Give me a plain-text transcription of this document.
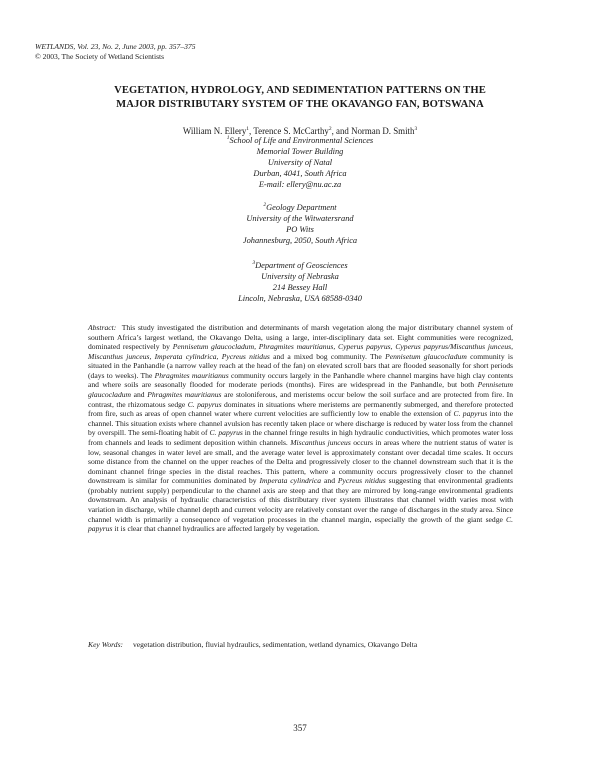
WETLANDS, Vol. 23, No. 2, June 2003, pp. 357–375
© 2003, The Society of Wetland Scientists
VEGETATION, HYDROLOGY, AND SEDIMENTATION PATTERNS ON THE
MAJOR DISTRIBUTARY SYSTEM OF THE OKAVANGO FAN, BOTSWANA
William N. Ellery$^1$, Terence S. McCarthy$^2$, and Norman D. Smith$^3$
$^1$School of Life and Environmental Sciences
Memorial Tower Building
University of Natal
Durban, 4041, South Africa
E-mail: ellery@nu.ac.za
$^2$Geology Department
University of the Witwatersrand
PO Wits
Johannesburg, 2050, South Africa
$^3$Department of Geosciences
University of Nebraska
214 Bessey Hall
Lincoln, Nebraska, USA 68588-0340
Abstract: This study investigated the distribution and determinants of marsh vegetation along the major distributary channel system of southern Africa’s largest wetland, the Okavango Delta, using a large, inter-disciplinary data set. Eight communities were recognized, dominated respectively by Pennisetum glaucocladum, Phragmites mauritianus, Cyperus papyrus, Cyperus papyrus/Miscanthus junceus, Miscanthus junceus, Imperata cylindrica, Pycreus nitidus and a mixed bog community. The Pennisetum glaucocladum community is situated in the Panhandle (a narrow valley reach at the head of the fan) on elevated scroll bars that are flooded seasonally for short periods (days to weeks). The Phragmites mauritianus community occurs largely in the Panhandle where channel margins have high clay contents and where soils are seasonally flooded for moderate periods (months). Fires are widespread in the Panhandle, but both Pennisetum glaucocladum and Phragmites mauritianus are stoloniferous, and meristems occur below the soil surface and are protected from fire. In contrast, the rhizomatous sedge C. papyrus dominates in situations where meristems are permanently submerged, and therefore protected from fire, such as areas of open channel water where current velocities are sufficiently low to enable the extension of C. papyrus into the channel. This situation exists where channel avulsion has recently taken place or where discharge is reduced by water loss from the channel by overspill. The semi-floating habit of C. papyrus in the channel fringe results in high hydraulic conductivities, which promotes water loss from channels and leads to sediment deposition within channels. Miscanthus junceus occurs in areas where the nutrient status of water is low, seasonal changes in water level are small, and the average water level is approximately constant over decadal time scales. It occurs some distance from the channel on the upper reaches of the Delta and progressively closer to the channel downstream such that it is the dominant channel fringe species in the distal reaches. This pattern, where a community occurs progressively closer to the channel downstream is similar for communities dominated by Imperata cylindrica and Pycreus nitidus suggesting that environmental gradients (probably nutrient supply) perpendicular to the channel axis are steep and that they are mirrored by long-range environmental gradients downstream. An analysis of hydraulic characteristics of this distributary river system illustrates that channel width varies most with variation in discharge, while channel depth and current velocity are relatively constant over the range of discharges in the study area. Since channel width is primarily a consequence of vegetation processes in the channel margin, especially the growth of the giant sedge C. papyrus it is clear that channel hydraulics are affected largely by vegetation.
Key Words: vegetation distribution, fluvial hydraulics, sedimentation, wetland dynamics, Okavango Delta
357
